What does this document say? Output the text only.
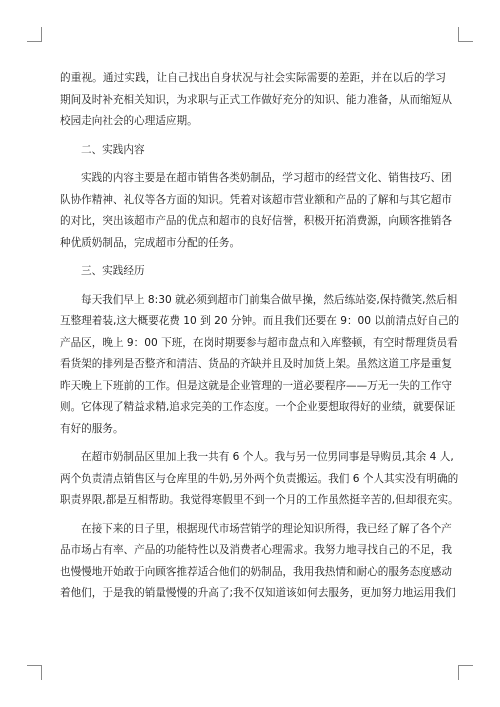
的重视。通过实践，让自己找出自身状况与社会实际需要的差距，并在以后的学习
期间及时补充相关知识，为求职与正式工作做好充分的知识、能力准备，从而缩短从
校园走向社会的心理适应期。
二、实践内容
实践的内容主要是在超市销售各类奶制品，学习超市的经营文化、销售技巧、团
队协作精神、礼仪等各方面的知识。凭着对该超市营业额和产品的了解和与其它超市
的对比，突出该超市产品的优点和超市的良好信誉，积极开拓消费源，向顾客推销各
种优质奶制品，完成超市分配的任务。
三、实践经历
每天我们早上 8:30 就必须到超市门前集合做早操，然后练站姿,保持微笑,然后相
互整理着装,这大概要花费 10 到 20 分钟。而且我们还要在 9：00 以前清点好自己的
产品区，晚上 9：00 下班，在岗时期要参与超市盘点和入库整顿，有空时帮理货员看
看货架的排列是否整齐和清洁、货品的齐缺并且及时加货上架。虽然这道工序是重复
昨天晚上下班前的工作。但是这就是企业管理的一道必要程序——万无一失的工作守
则。它体现了精益求精,追求完美的工作态度。一个企业要想取得好的业绩，就要保证
有好的服务。
在超市奶制品区里加上我一共有 6 个人。我与另一位男同事是导购员,其余 4 人,
两个负责清点销售区与仓库里的牛奶,另外两个负责搬运。我们 6 个人其实没有明确的
职责界限,都是互相帮助。我觉得寒假里不到一个月的工作虽然挺辛苦的,但却很充实。
在接下来的日子里，根据现代市场营销学的理论知识所得，我已经了解了各个产
品市场占有率、产品的功能特性以及消费者心理需求。我努力地寻找自己的不足，我
也慢慢地开始敢于向顾客推荐适合他们的奶制品，我用我热情和耐心的服务态度感动
着他们，于是我的销量慢慢的升高了;我不仅知道该如何去服务，更加努力地运用我们
